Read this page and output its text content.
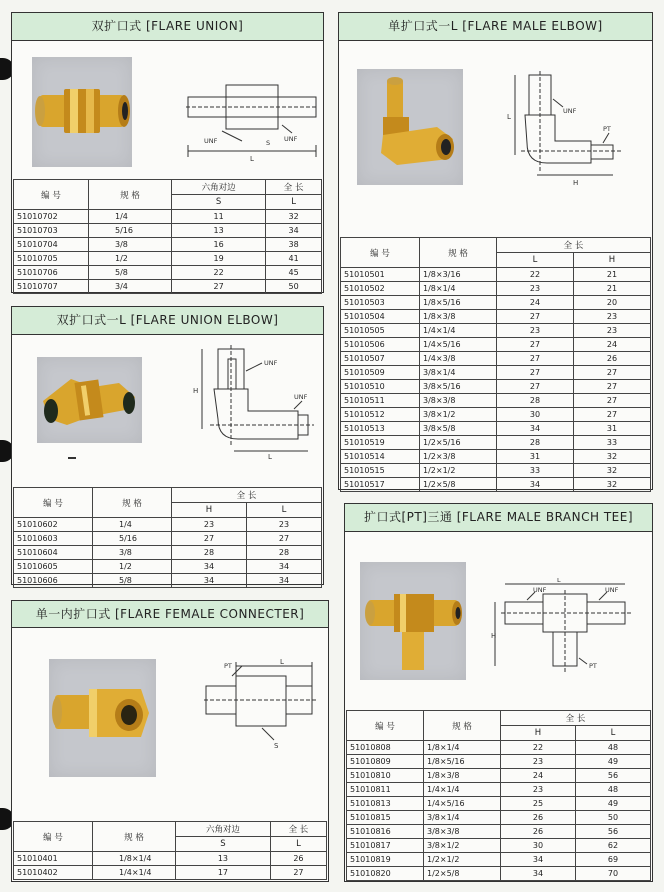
双扩口式 [FLARE UNION]
UNF	UNF
S
L
编 号	规 格	六角对边	全 长
		S	L
51010702	1/4	11	32
51010703	5/16	13	34
51010704	3/8	16	38
51010705	1/2	19	41
51010706	5/8	22	45
51010707	3/4	27	50
双扩口式一L [FLARE UNION ELBOW]
UNF
UNF
H
L
编 号	规 格	全 长	
		H	L
51010602	1/4	23	23
51010603	5/16	27	27
51010604	3/8	28	28
51010605	1/2	34	34
51010606	5/8	34	34
单一内扩口式 [FLARE FEMALE CONNECTER]
PT	L
S
编 号	规 格	六角对边	全 长
		S	L
51010401	1/8×1/4	13	26
51010402	1/4×1/4	17	27
单扩口式一L [FLARE MALE ELBOW]
UNF
PT
L
H
编 号	规 格	全 长	
		L	H
51010501	1/8×3/16	22	21
51010502	1/8×1/4	23	21
51010503	1/8×5/16	24	20
51010504	1/8×3/8	27	23
51010505	1/4×1/4	23	23
51010506	1/4×5/16	27	24
51010507	1/4×3/8	27	26
51010509	3/8×1/4	27	27
51010510	3/8×5/16	27	27
51010511	3/8×3/8	28	27
51010512	3/8×1/2	30	27
51010513	3/8×5/8	34	31
51010519	1/2×5/16	28	33
51010514	1/2×3/8	31	32
51010515	1/2×1/2	33	32
51010517	1/2×5/8	34	32
扩口式[PT]三通 [FLARE MALE BRANCH TEE]
L
UNF	UNF
H
PT
编 号	规 格	全 长	
		H	L
51010808	1/8×1/4	22	48
51010809	1/8×5/16	23	49
51010810	1/8×3/8	24	56
51010811	1/4×1/4	23	48
51010813	1/4×5/16	25	49
51010815	3/8×1/4	26	50
51010816	3/8×3/8	26	56
51010817	3/8×1/2	30	62
51010819	1/2×1/2	34	69
51010820	1/2×5/8	34	70
